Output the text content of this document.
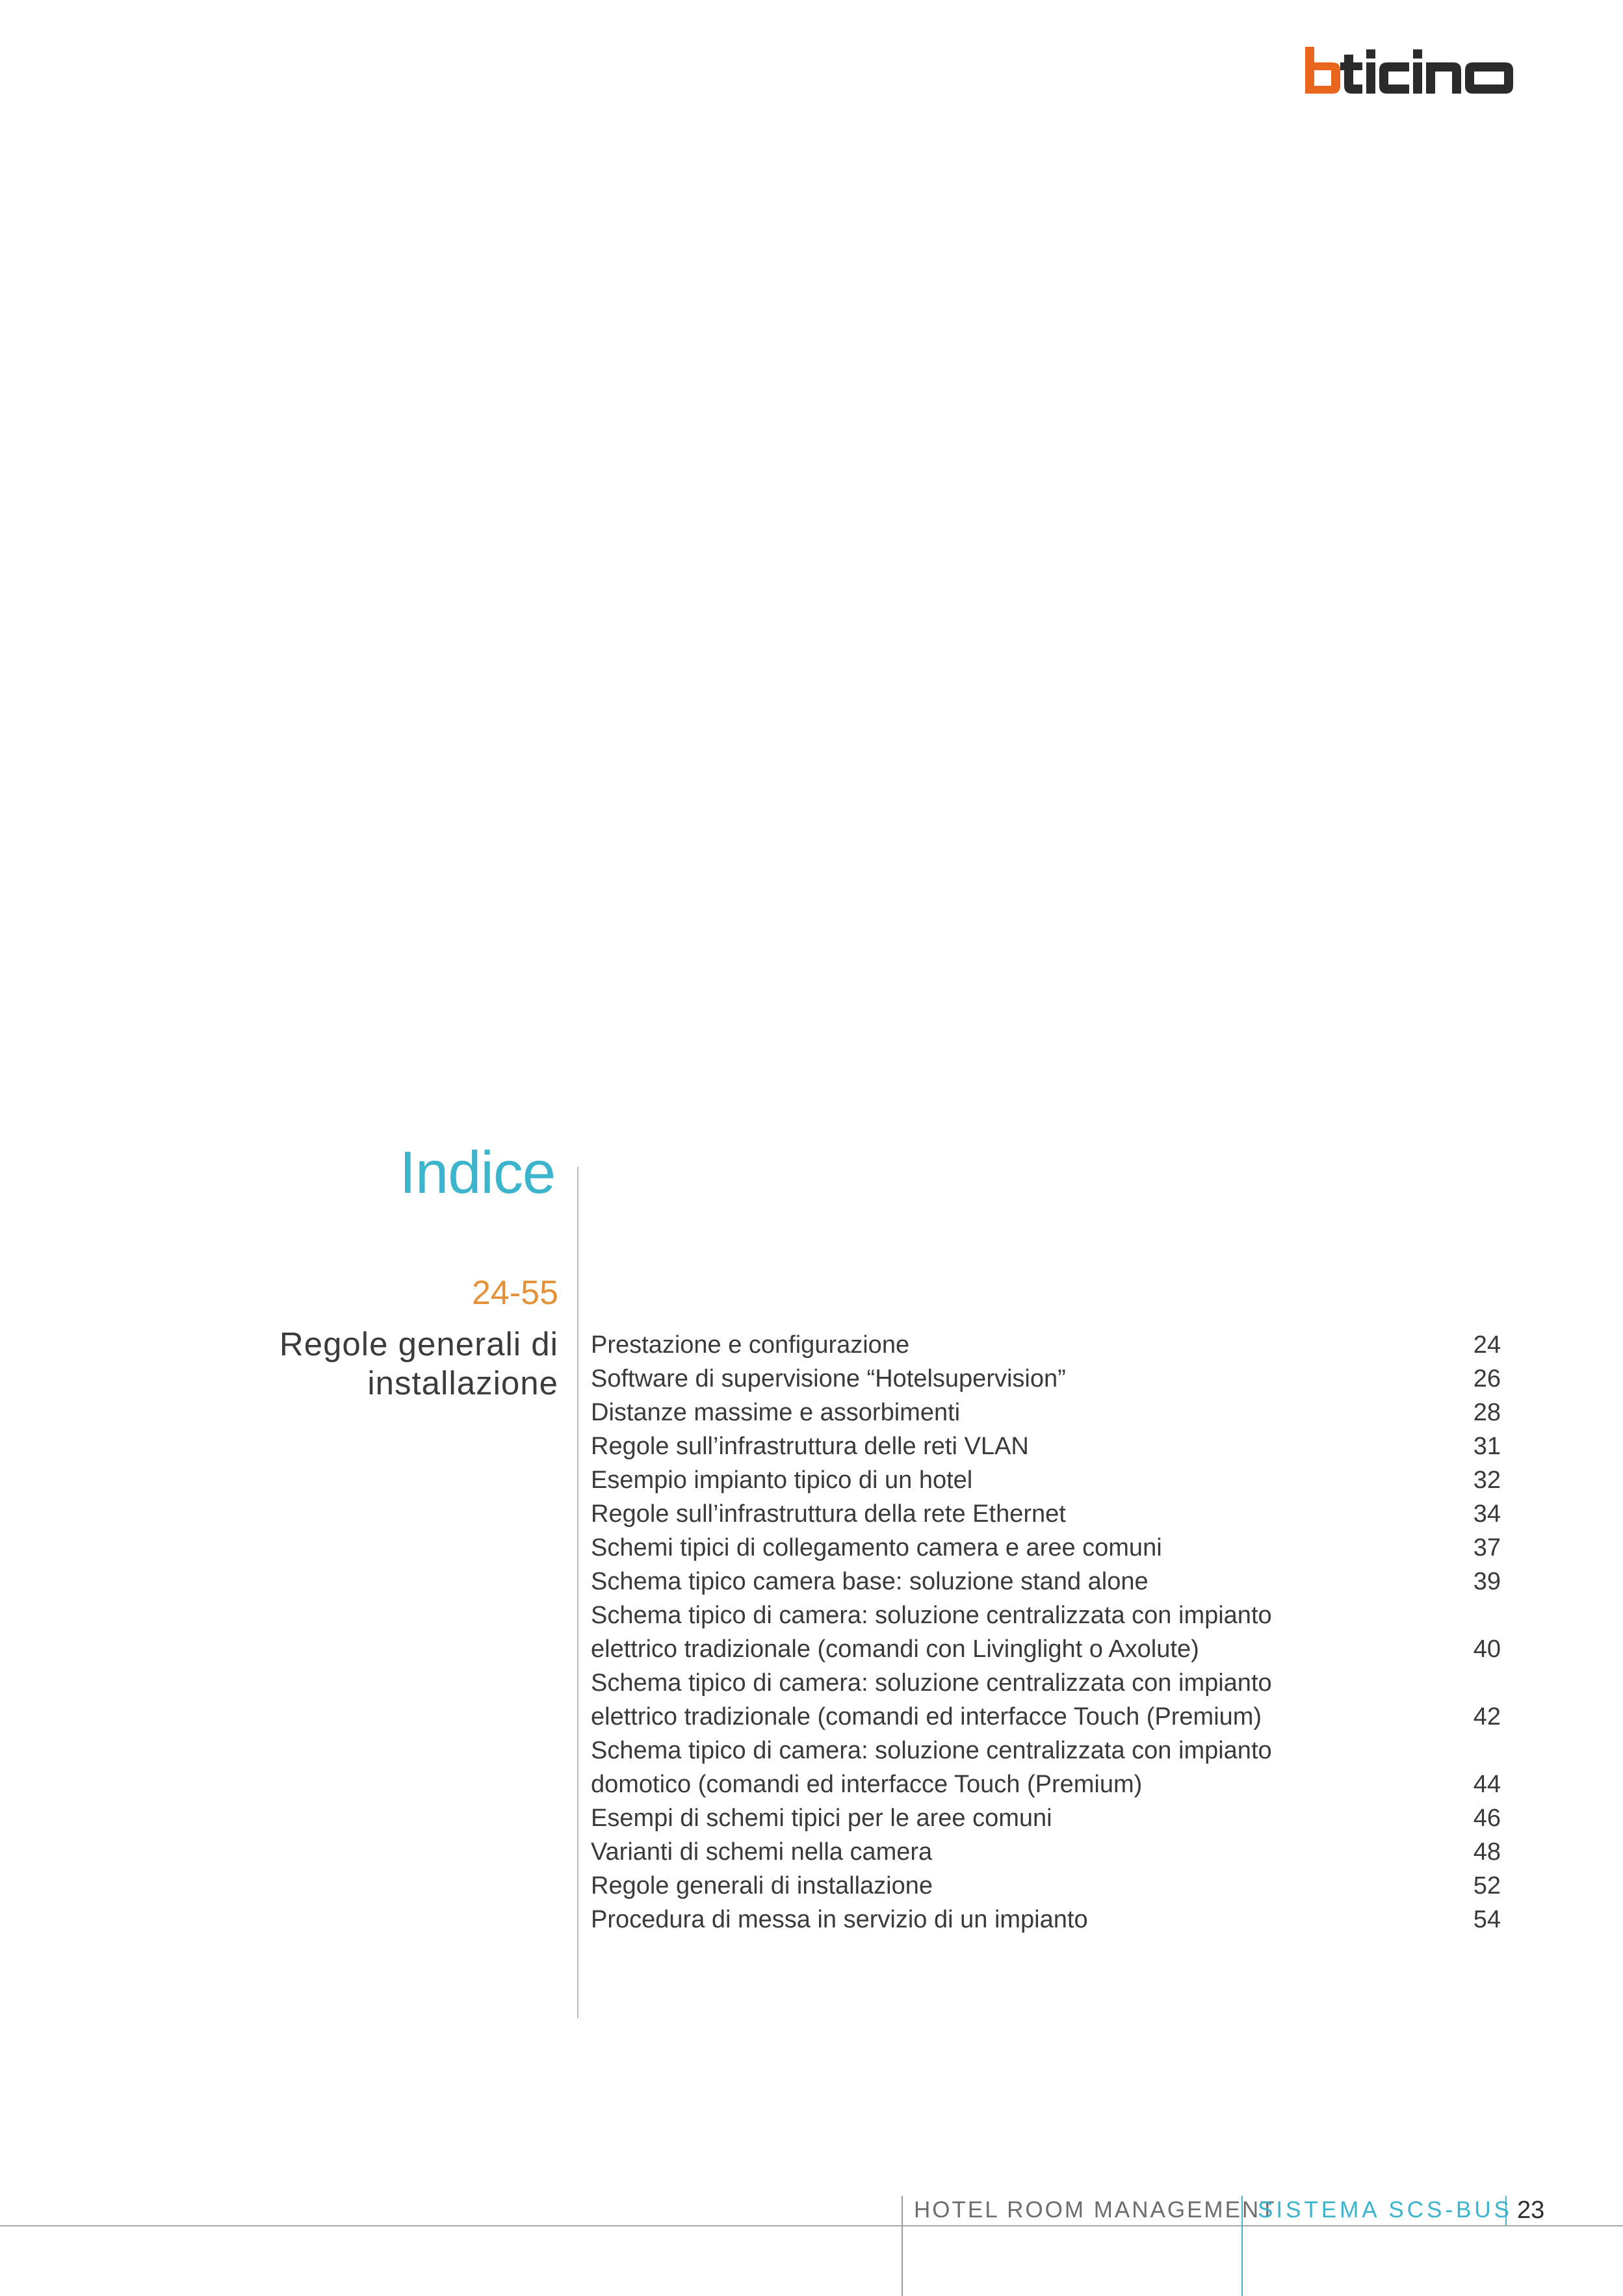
Indice
24-55
Regole generali di installazione
Prestazione e configurazione	24
Software di supervisione “Hotelsupervision”	26
Distanze massime e assorbimenti	28
Regole sull’infrastruttura delle reti VLAN	31
Esempio impianto tipico di un hotel	32
Regole sull’infrastruttura della rete Ethernet	34
Schemi tipici di collegamento camera e aree comuni	37
Schema tipico camera base: soluzione stand alone	39
Schema tipico di camera: soluzione centralizzata con impianto elettrico tradizionale (comandi con Livinglight o Axolute)	40
Schema tipico di camera: soluzione centralizzata con impianto elettrico tradizionale (comandi ed interfacce Touch (Premium)	42
Schema tipico di camera: soluzione centralizzata con impianto domotico (comandi ed interfacce Touch (Premium)	44
Esempi di schemi tipici per le aree comuni	46
Varianti di schemi nella camera	48
Regole generali di installazione	52
Procedura di messa in servizio di un impianto	54
HOTEL ROOM MANAGEMENT
SISTEMA SCS-BUS 23
